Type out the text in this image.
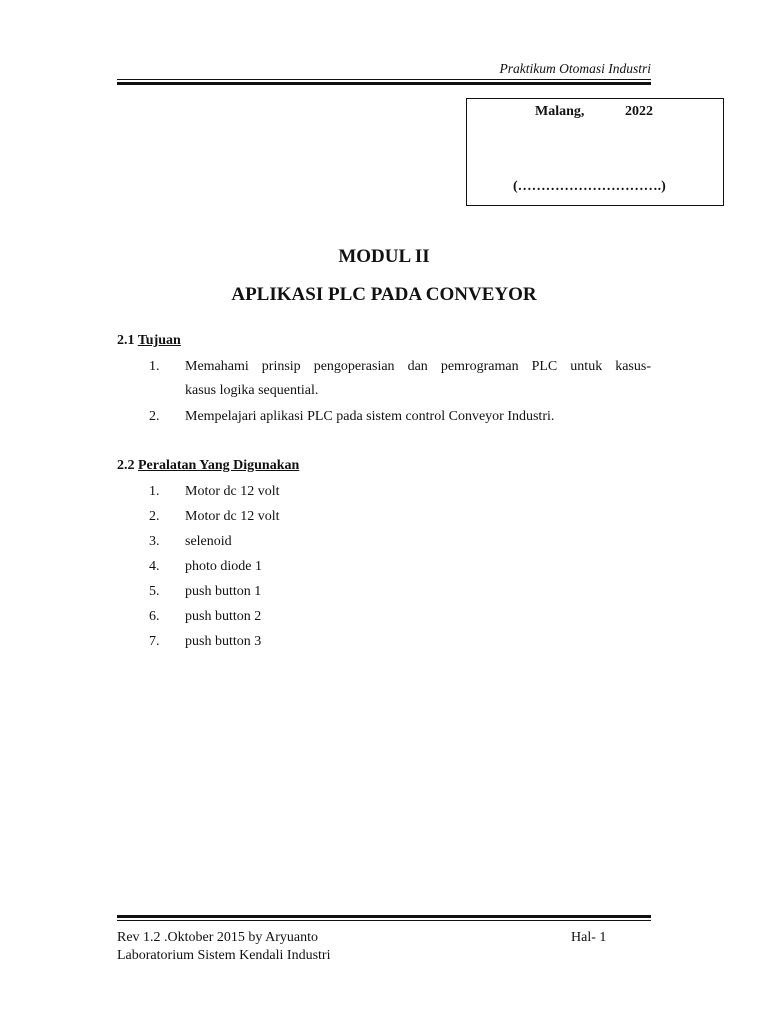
Praktikum Otomasi Industri
Malang,	2022
(………………………….)
MODUL II
APLIKASI PLC PADA CONVEYOR
2.1 Tujuan
1. Memahami prinsip pengoperasian dan pemrograman PLC untuk kasus-
kasus logika sequential.
2. Mempelajari aplikasi PLC pada sistem control Conveyor Industri.
2.2 Peralatan Yang Digunakan
1. Motor dc 12 volt
2. Motor dc 12 volt
3. selenoid
4. photo diode 1
5. push button 1
6. push button 2
7. push button 3
Rev 1.2 .Oktober 2015 by Aryuanto
Laboratorium Sistem Kendali Industri
Hal- 1
